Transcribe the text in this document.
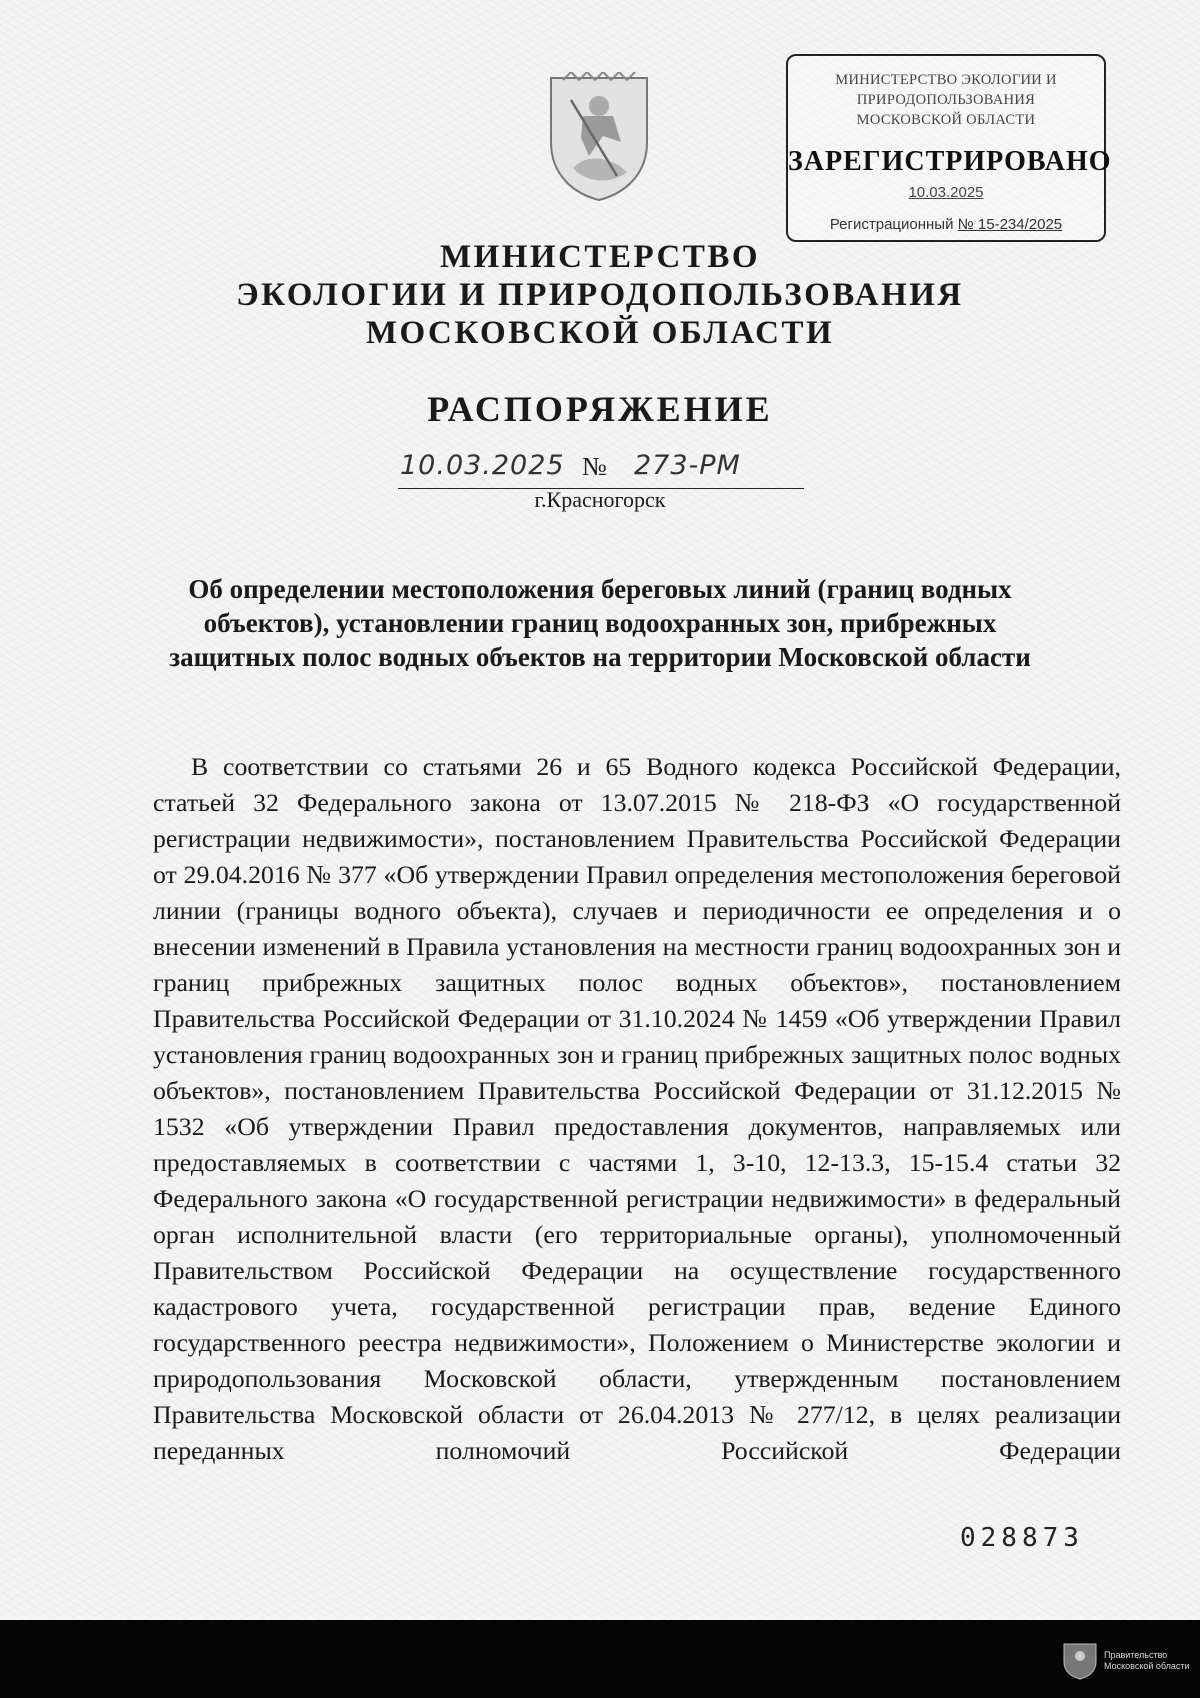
МИНИСТЕРСТВО ЭКОЛОГИИ И
ПРИРОДОПОЛЬЗОВАНИЯ
МОСКОВСКОЙ ОБЛАСТИ
ЗАРЕГИСТРИРОВАНО
10.03.2025
Регистрационный № 15-234/2025
МИНИСТЕРСТВО
ЭКОЛОГИИ И ПРИРОДОПОЛЬЗОВАНИЯ
МОСКОВСКОЙ ОБЛАСТИ
РАСПОРЯЖЕНИЕ
10.03.2025 № 273-РМ
г.Красногорск
Об определении местоположения береговых линий (границ водных объектов), установлении границ водоохранных зон, прибрежных защитных полос водных объектов на территории Московской области
В соответствии со статьями 26 и 65 Водного кодекса Российской Федерации, статьей 32 Федерального закона от 13.07.2015 № 218-ФЗ «О государственной регистрации недвижимости», постановлением Правительства Российской Федерации от 29.04.2016 № 377 «Об утверждении Правил определения местоположения береговой линии (границы водного объекта), случаев и периодичности ее определения и о внесении изменений в Правила установления на местности границ водоохранных зон и границ прибрежных защитных полос водных объектов», постановлением Правительства Российской Федерации от 31.10.2024 № 1459 «Об утверждении Правил установления границ водоохранных зон и границ прибрежных защитных полос водных объектов», постановлением Правительства Российской Федерации от 31.12.2015 № 1532 «Об утверждении Правил предоставления документов, направляемых или предоставляемых в соответствии с частями 1, 3-10, 12-13.3, 15-15.4 статьи 32 Федерального закона «О государственной регистрации недвижимости» в федеральный орган исполнительной власти (его территориальные органы), уполномоченный Правительством Российской Федерации на осуществление государственного кадастрового учета, государственной регистрации прав, ведение Единого государственного реестра недвижимости», Положением о Министерстве экологии и природопользования Московской области, утвержденным постановлением Правительства Московской области от 26.04.2013 № 277/12, в целях реализации переданных полномочий Российской Федерации
028873
Правительство
Московской области
